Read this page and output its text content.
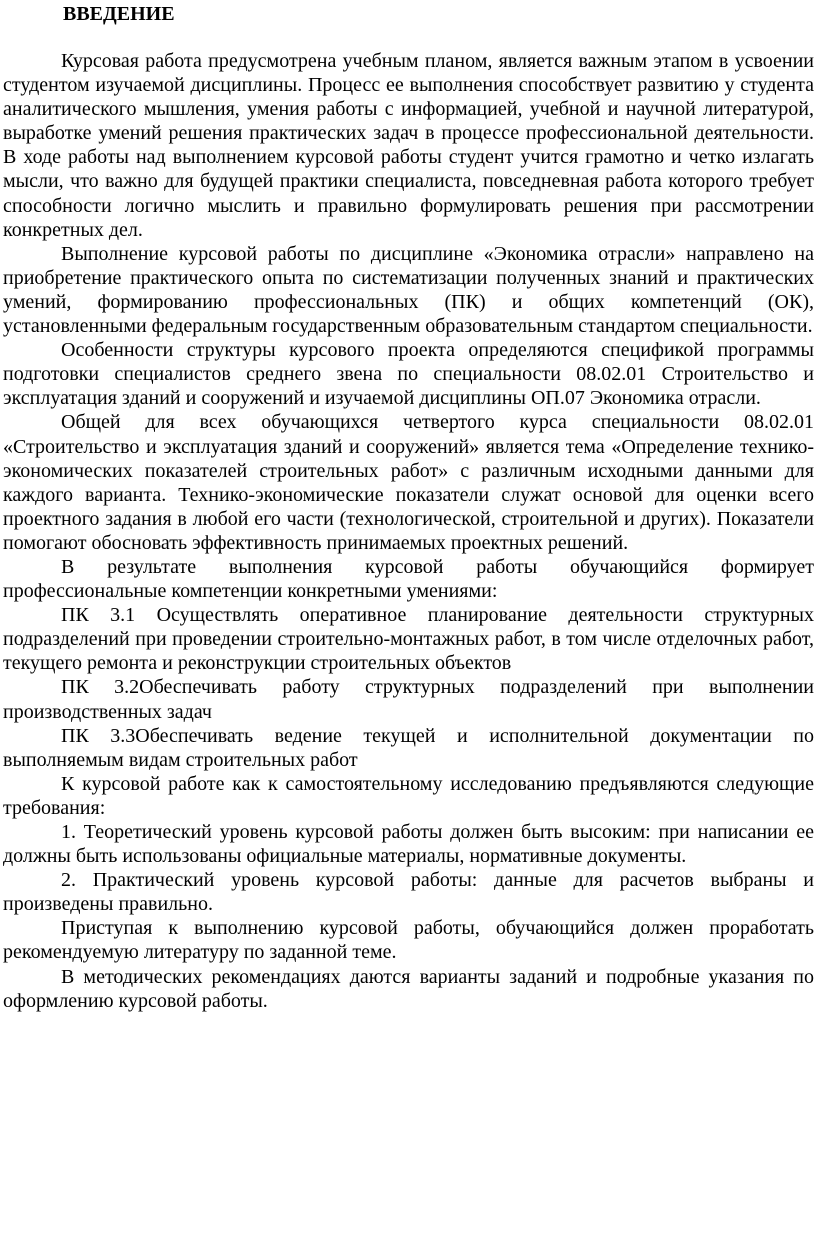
ВВЕДЕНИЕ

Курсовая работа предусмотрена учебным планом, является важным этапом в усвоении студентом изучаемой дисциплины. Процесс ее выполнения способствует развитию у студента аналитического мышления, умения работы с информацией, учебной и научной литературой, выработке умений решения практических задач в процессе профессиональной деятельности. В ходе работы над выполнением курсовой работы студент учится грамотно и четко излагать мысли, что важно для будущей практики специалиста, повседневная работа которого требует способности логично мыслить и правильно формулировать решения при рассмотрении конкретных дел.

Выполнение курсовой работы по дисциплине «Экономика отрасли» направлено на приобретение практического опыта по систематизации полученных знаний и практических умений, формированию профессиональных (ПК) и общих компетенций (ОК), установленными федеральным государственным образовательным стандартом специальности.

Особенности структуры курсового проекта определяются спецификой программы подготовки специалистов среднего звена по специальности 08.02.01 Строительство и эксплуатация зданий и сооружений и изучаемой дисциплины ОП.07 Экономика отрасли.

Общей для всех обучающихся четвертого курса специальности 08.02.01 «Строительство и эксплуатация зданий и сооружений» является тема «Определение технико-экономических показателей строительных работ» с различным исходными данными для каждого варианта. Технико-экономические показатели служат основой для оценки всего проектного задания в любой его части (технологической, строительной и других). Показатели помогают обосновать эффективность принимаемых проектных решений.

В результате выполнения курсовой работы обучающийся формирует профессиональные компетенции конкретными умениями:

ПК 3.1 Осуществлять оперативное планирование деятельности структурных подразделений при проведении строительно-монтажных работ, в том числе отделочных работ, текущего ремонта и реконструкции строительных объектов

ПК 3.2Обеспечивать работу структурных подразделений при выполнении производственных задач

ПК 3.3Обеспечивать ведение текущей и исполнительной документации по выполняемым видам строительных работ

К курсовой работе как к самостоятельному исследованию предъявляются следующие требования:

1. Теоретический уровень курсовой работы должен быть высоким: при написании ее должны быть использованы официальные материалы, нормативные документы.

2. Практический уровень курсовой работы: данные для расчетов выбраны и произведены правильно.

Приступая к выполнению курсовой работы, обучающийся должен проработать рекомендуемую литературу по заданной теме.

В методических рекомендациях даются варианты заданий и подробные указания по оформлению курсовой работы.
